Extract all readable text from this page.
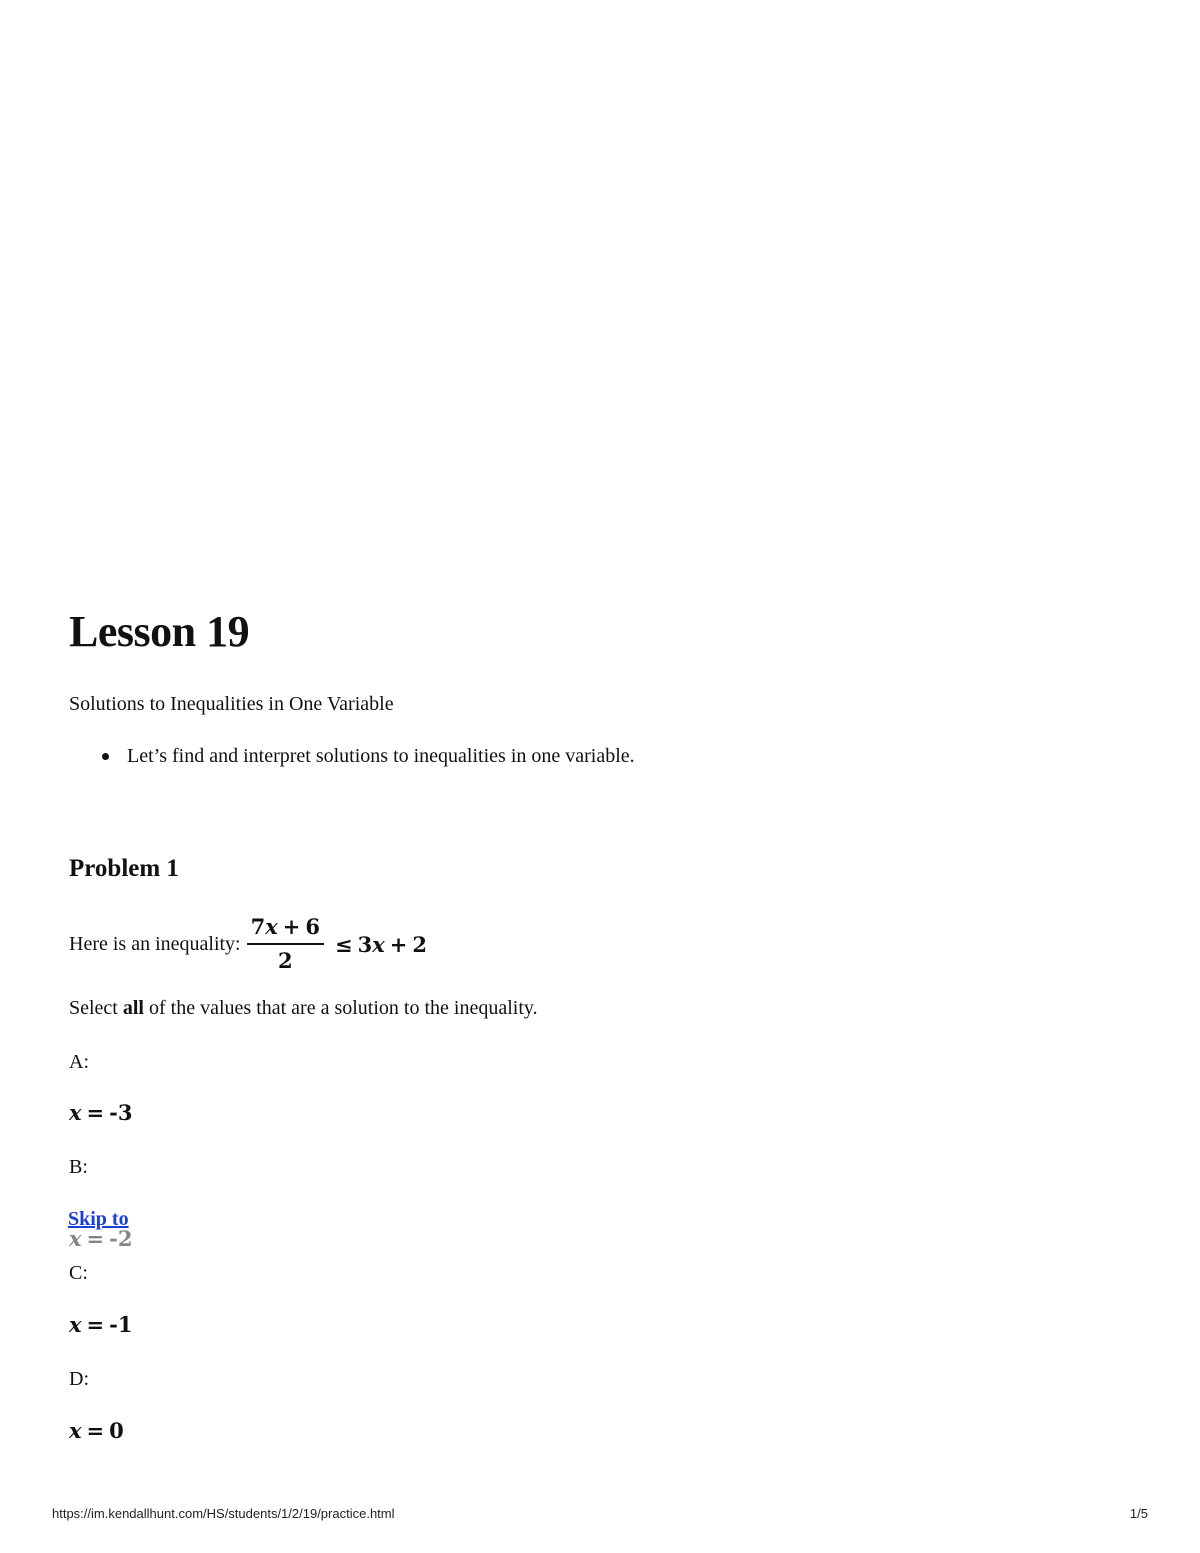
Lesson 19

Solutions to Inequalities in One Variable

Let’s find and interpret solutions to inequalities in one variable.
Problem 1
Here is an inequality: $\frac{7x + 6}{2} \le 3x + 2$

Select all of the values that are a solution to the inequality.

A:

x = -3

B:

x = -2

Skip to

C:

x = -1

D:

x = 0

https://im.kendallhunt.com/HS/students/1/2/19/practice.html	1/5
